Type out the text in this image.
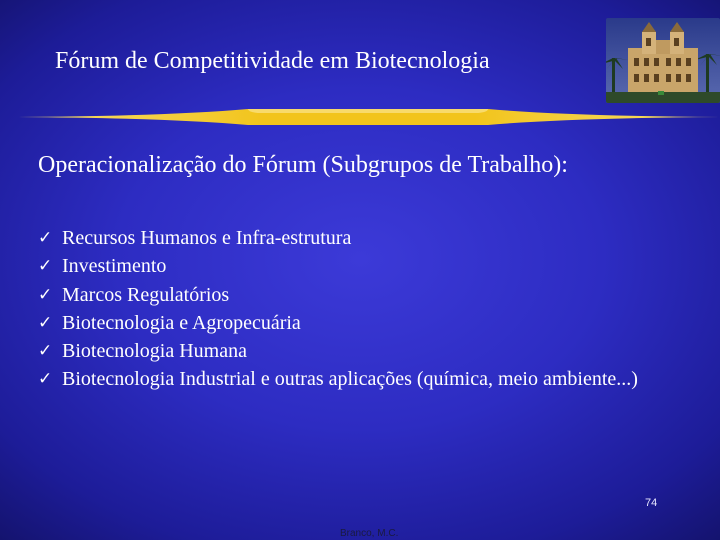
Fórum de Competitividade em Biotecnologia
Operacionalização do Fórum (Subgrupos de Trabalho):
✓ Recursos Humanos e Infra-estrutura
✓ Investimento
✓ Marcos Regulatórios
✓ Biotecnologia e Agropecuária
✓ Biotecnologia Humana
✓ Biotecnologia Industrial e outras aplicações (química, meio ambiente...)
74
Branco, M.C.
